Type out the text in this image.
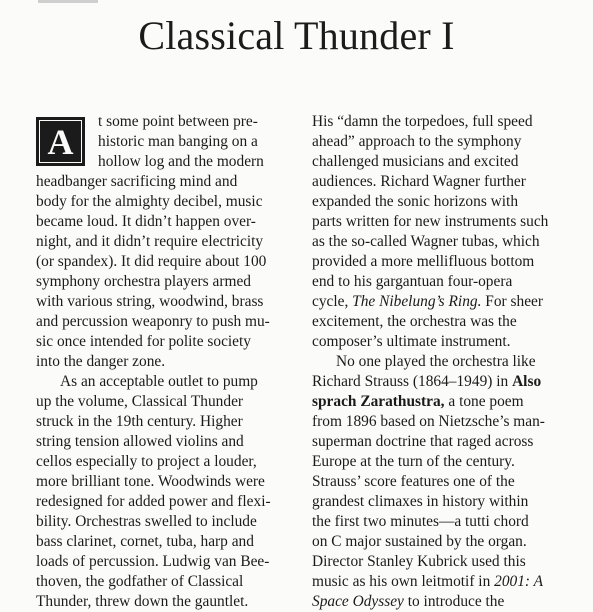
Classical Thunder I

A	t some point between pre-
historic man banging on a
hollow log and the modern
headbanger sacrificing mind and
body for the almighty decibel, music
became loud. It didn’t happen over-
night, and it didn’t require electricity
(or spandex). It did require about 100
symphony orchestra players armed
with various string, woodwind, brass
and percussion weaponry to push mu-
sic once intended for polite society
into the danger zone.

As an acceptable outlet to pump
up the volume, Classical Thunder
struck in the 19th century. Higher
string tension allowed violins and
cellos especially to project a louder,
more brilliant tone. Woodwinds were
redesigned for added power and flexi-
bility. Orchestras swelled to include
bass clarinet, cornet, tuba, harp and
loads of percussion. Ludwig van Bee-
thoven, the godfather of Classical
Thunder, threw down the gauntlet.

His “damn the torpedoes, full speed
ahead” approach to the symphony
challenged musicians and excited
audiences. Richard Wagner further
expanded the sonic horizons with
parts written for new instruments such
as the so-called Wagner tubas, which
provided a more mellifluous bottom
end to his gargantuan four-opera
cycle, The Nibelung’s Ring. For sheer
excitement, the orchestra was the
composer’s ultimate instrument.

No one played the orchestra like
Richard Strauss (1864–1949) in Also sprach Zarathustra, a tone poem
from 1896 based on Nietzsche’s man-
superman doctrine that raged across
Europe at the turn of the century.
Strauss’ score features one of the
grandest climaxes in history within
the first two minutes—a tutti chord
on C major sustained by the organ.
Director Stanley Kubrick used this
music as his own leitmotif in 2001: A Space Odyssey to introduce the
